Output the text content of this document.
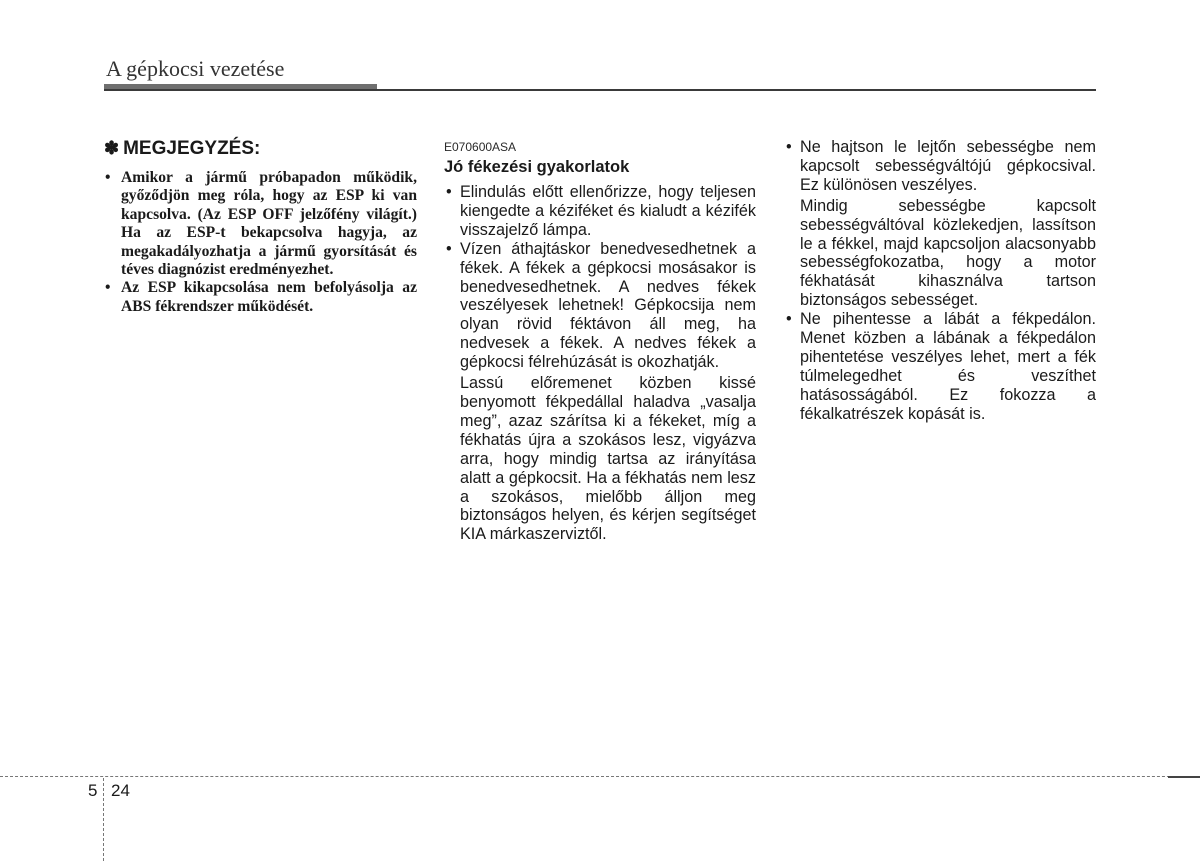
A gépkocsi vezetése
✽ MEGJEGYZÉS:
• Amikor a jármű próbapadon működik, győződjön meg róla, hogy az ESP ki van kapcsolva. (Az ESP OFF jelzőfény világít.) Ha az ESP-t bekapcsolva hagyja, az megakadályozhatja a jármű gyorsítását és téves diagnózist eredményezhet.
• Az ESP kikapcsolása nem befolyásolja az ABS fékrendszer működését.
E070600ASA
Jó fékezési gyakorlatok

• Elindulás előtt ellenőrizze, hogy teljesen kiengedte a kéziféket és kialudt a kézifék visszajelző lámpa.

• Vízen áthajtáskor benedvesedhetnek a fékek. A fékek a gépkocsi mosásakor is benedvesedhetnek. A nedves fékek veszélyesek lehetnek! Gépkocsija nem olyan rövid féktávon áll meg, ha nedvesek a fékek. A nedves fékek a gépkocsi félrehúzását is okozhatják.

Lassú előremenet közben kissé benyomott fékpedállal haladva „vasalja meg”, azaz szárítsa ki a fékeket, míg a fékhatás újra a szokásos lesz, vigyázva arra, hogy mindig tartsa az irányítása alatt a gépkocsit. Ha a fékhatás nem lesz a szokásos, mielőbb álljon meg biztonságos helyen, és kérjen segítséget KIA márkaszerviztől.

• Ne hajtson le lejtőn sebességbe nem kapcsolt sebességváltójú gépkocsival. Ez különösen veszélyes.

Mindig sebességbe kapcsolt sebességváltóval közlekedjen, lassítson le a fékkel, majd kapcsoljon alacsonyabb sebességfokozatba, hogy a motor fékhatását kihasználva tartson biztonságos sebességet.

• Ne pihentesse a lábát a fékpedálon. Menet közben a lábának a fékpedálon pihentetése veszélyes lehet, mert a fék túlmelegedhet és veszíthet hatásosságából. Ez fokozza a fékalkatrészek kopását is.

5 24
